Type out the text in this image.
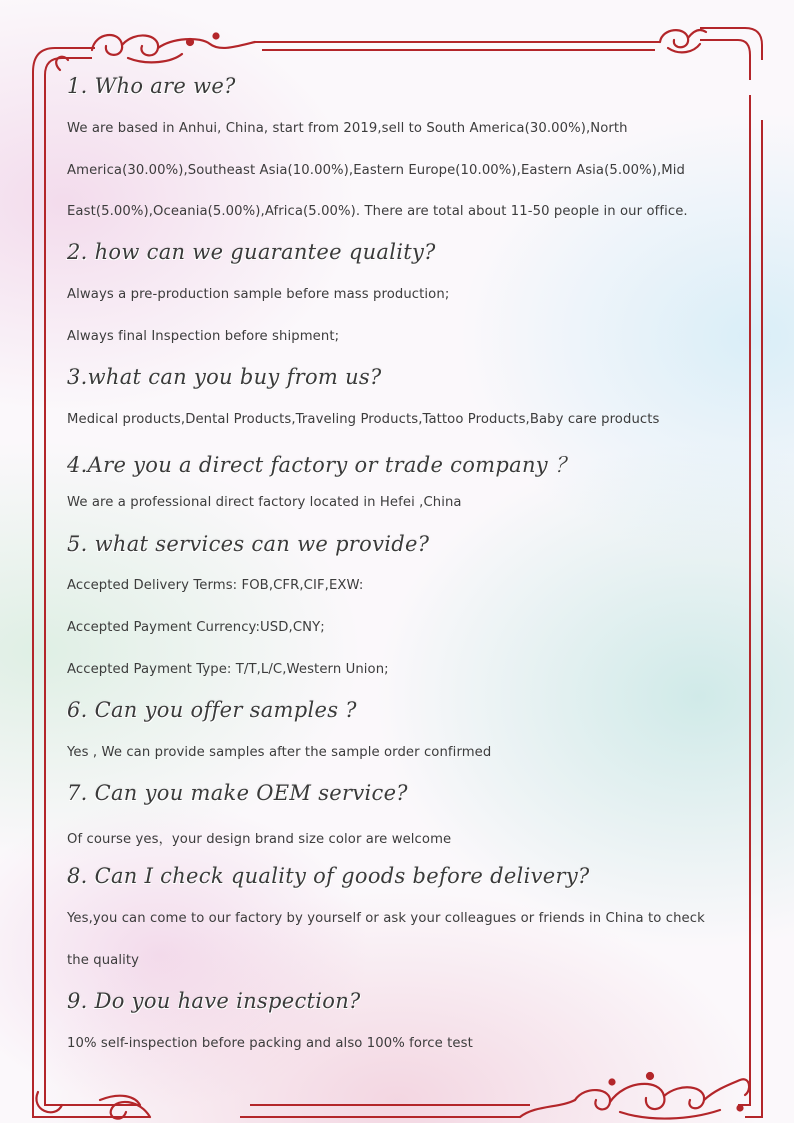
1. Who are we?
We are based in Anhui, China, start from 2019,sell to South America(30.00%),North
America(30.00%),Southeast Asia(10.00%),Eastern Europe(10.00%),Eastern Asia(5.00%),Mid
East(5.00%),Oceania(5.00%),Africa(5.00%). There are total about 11-50 people in our office.
2. how can we guarantee quality?
Always a pre-production sample before mass production;
Always final Inspection before shipment;
3.what can you buy from us?
Medical products,Dental Products,Traveling Products,Tattoo Products,Baby care products
4.Are you a direct factory or trade company ？
We are a professional direct factory located in Hefei ,China
5. what services can we provide?
Accepted Delivery Terms: FOB,CFR,CIF,EXW:
Accepted Payment Currency:USD,CNY;
Accepted Payment Type: T/T,L/C,Western Union;
6. Can you offer samples ?
Yes , We can provide samples after the sample order confirmed
7. Can you make OEM service?
Of course yes，your design brand size color are welcome
8. Can I check quality of goods before delivery?
Yes,you can come to our factory by yourself or ask your colleagues or friends in China to check
the quality
9. Do you have inspection?
10% self-inspection before packing and also 100% force test
